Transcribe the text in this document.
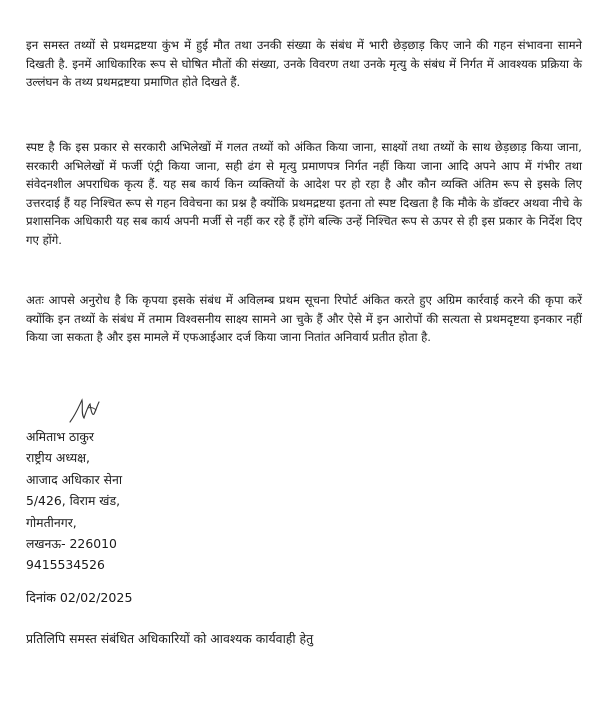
इन समस्त तथ्यों से प्रथमद्रष्टया कुंभ में हुई मौत तथा उनकी संख्या के संबंध में भारी छेड़छाड़ किए जाने की गहन संभावना सामने दिखती है. इनमें आधिकारिक रूप से घोषित मौतों की संख्या, उनके विवरण तथा उनके मृत्यु के संबंध में निर्गत में आवश्यक प्रक्रिया के उल्लंघन के तथ्य प्रथमद्रष्टया प्रमाणित होते दिखते हैं.

स्पष्ट है कि इस प्रकार से सरकारी अभिलेखों में गलत तथ्यों को अंकित किया जाना, साक्ष्यों तथा तथ्यों के साथ छेड़छाड़ किया जाना, सरकारी अभिलेखों में फर्जी एंट्री किया जाना, सही ढंग से मृत्यु प्रमाणपत्र निर्गत नहीं किया जाना आदि अपने आप में गंभीर तथा संवेदनशील अपराधिक कृत्य हैं. यह सब कार्य किन व्यक्तियों के आदेश पर हो रहा है और कौन व्यक्ति अंतिम रूप से इसके लिए उत्तरदाई हैं यह निश्चित रूप से गहन विवेचना का प्रश्न है क्योंकि प्रथमद्रष्टया इतना तो स्पष्ट दिखता है कि मौके के डॉक्टर अथवा नीचे के प्रशासनिक अधिकारी यह सब कार्य अपनी मर्जी से नहीं कर रहे हैं होंगे बल्कि उन्हें निश्चित रूप से ऊपर से ही इस प्रकार के निर्देश दिए गए होंगे.

अतः आपसे अनुरोध है कि कृपया इसके संबंध में अविलम्ब प्रथम सूचना रिपोर्ट अंकित करते हुए अग्रिम कार्रवाई करने की कृपा करें क्योंकि इन तथ्यों के संबंध में तमाम विश्वसनीय साक्ष्य सामने आ चुके हैं और ऐसे में इन आरोपों की सत्यता से प्रथमदृष्टया इनकार नहीं किया जा सकता है और इस मामले में एफआईआर दर्ज किया जाना नितांत अनिवार्य प्रतीत होता है.

अमिताभ ठाकुर
राष्ट्रीय अध्यक्ष,
आजाद अधिकार सेना
5/426, विराम खंड,
गोमतीनगर,
लखनऊ- 226010
9415534526
दिनांक 02/02/2025
प्रतिलिपि समस्त संबंधित अधिकारियों को आवश्यक कार्यवाही हेतु
